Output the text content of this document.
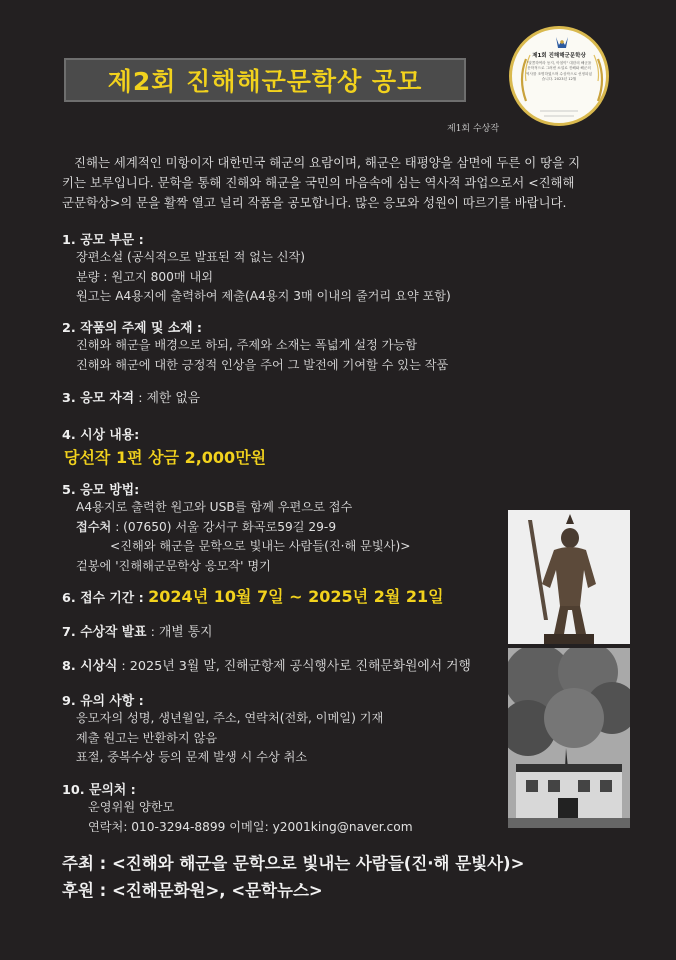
제2회 진해해군문학상 공모
제1회 진해해군문학상
"달콤하여라 동지, 아침이" 대한의 해군을 문학적으로 그려낸 소설로 진해와 해군의 역사를 조명하였으며 수상작으로 선정되었습니다. 2023년 12월
제1회 수상작
진해는 세계적인 미항이자 대한민국 해군의 요람이며, 해군은 태평양을 삼면에 두른 이 땅을 지키는 보루입니다. 문학을 통해 진해와 해군을 국민의 마음속에 심는 역사적 과업으로서 <진해해군문학상>의 문을 활짝 열고 널리 작품을 공모합니다. 많은 응모와 성원이 따르기를 바랍니다.
1. 공모 부문 :
장편소설 (공식적으로 발표된 적 없는 신작)
분량 : 원고지 800매 내외
원고는 A4용지에 출력하여 제출(A4용지 3매 이내의 줄거리 요약 포함)
2. 작품의 주제 및 소재 :
진해와 해군을 배경으로 하되, 주제와 소재는 폭넓게 설정 가능함
진해와 해군에 대한 긍정적 인상을 주어 그 발전에 기여할 수 있는 작품
3. 응모 자격 : 제한 없음
4. 시상 내용:
당선작 1편 상금 2,000만원
5. 응모 방법:
A4용지로 출력한 원고와 USB를 함께 우편으로 접수
접수처 : (07650) 서울 강서구 화곡로59길 29-9
<진해와 해군을 문학으로 빛내는 사람들(진·해 문빛사)>
겉봉에 '진해해군문학상 응모작' 명기
6. 접수 기간 : 2024년 10월 7일 ~ 2025년 2월 21일
7. 수상작 발표 : 개별 통지
8. 시상식 : 2025년 3월 말, 진해군항제 공식행사로 진해문화원에서 거행
9. 유의 사항 :
응모자의 성명, 생년월일, 주소, 연락처(전화, 이메일) 기재
제출 원고는 반환하지 않음
표절, 중복수상 등의 문제 발생 시 수상 취소
10. 문의처 :
운영위원 양한모
연락처: 010-3294-8899 이메일: y2001king@naver.com
주최 : <진해와 해군을 문학으로 빛내는 사람들(진·해 문빛사)>
후원 : <진해문화원>, <문학뉴스>
